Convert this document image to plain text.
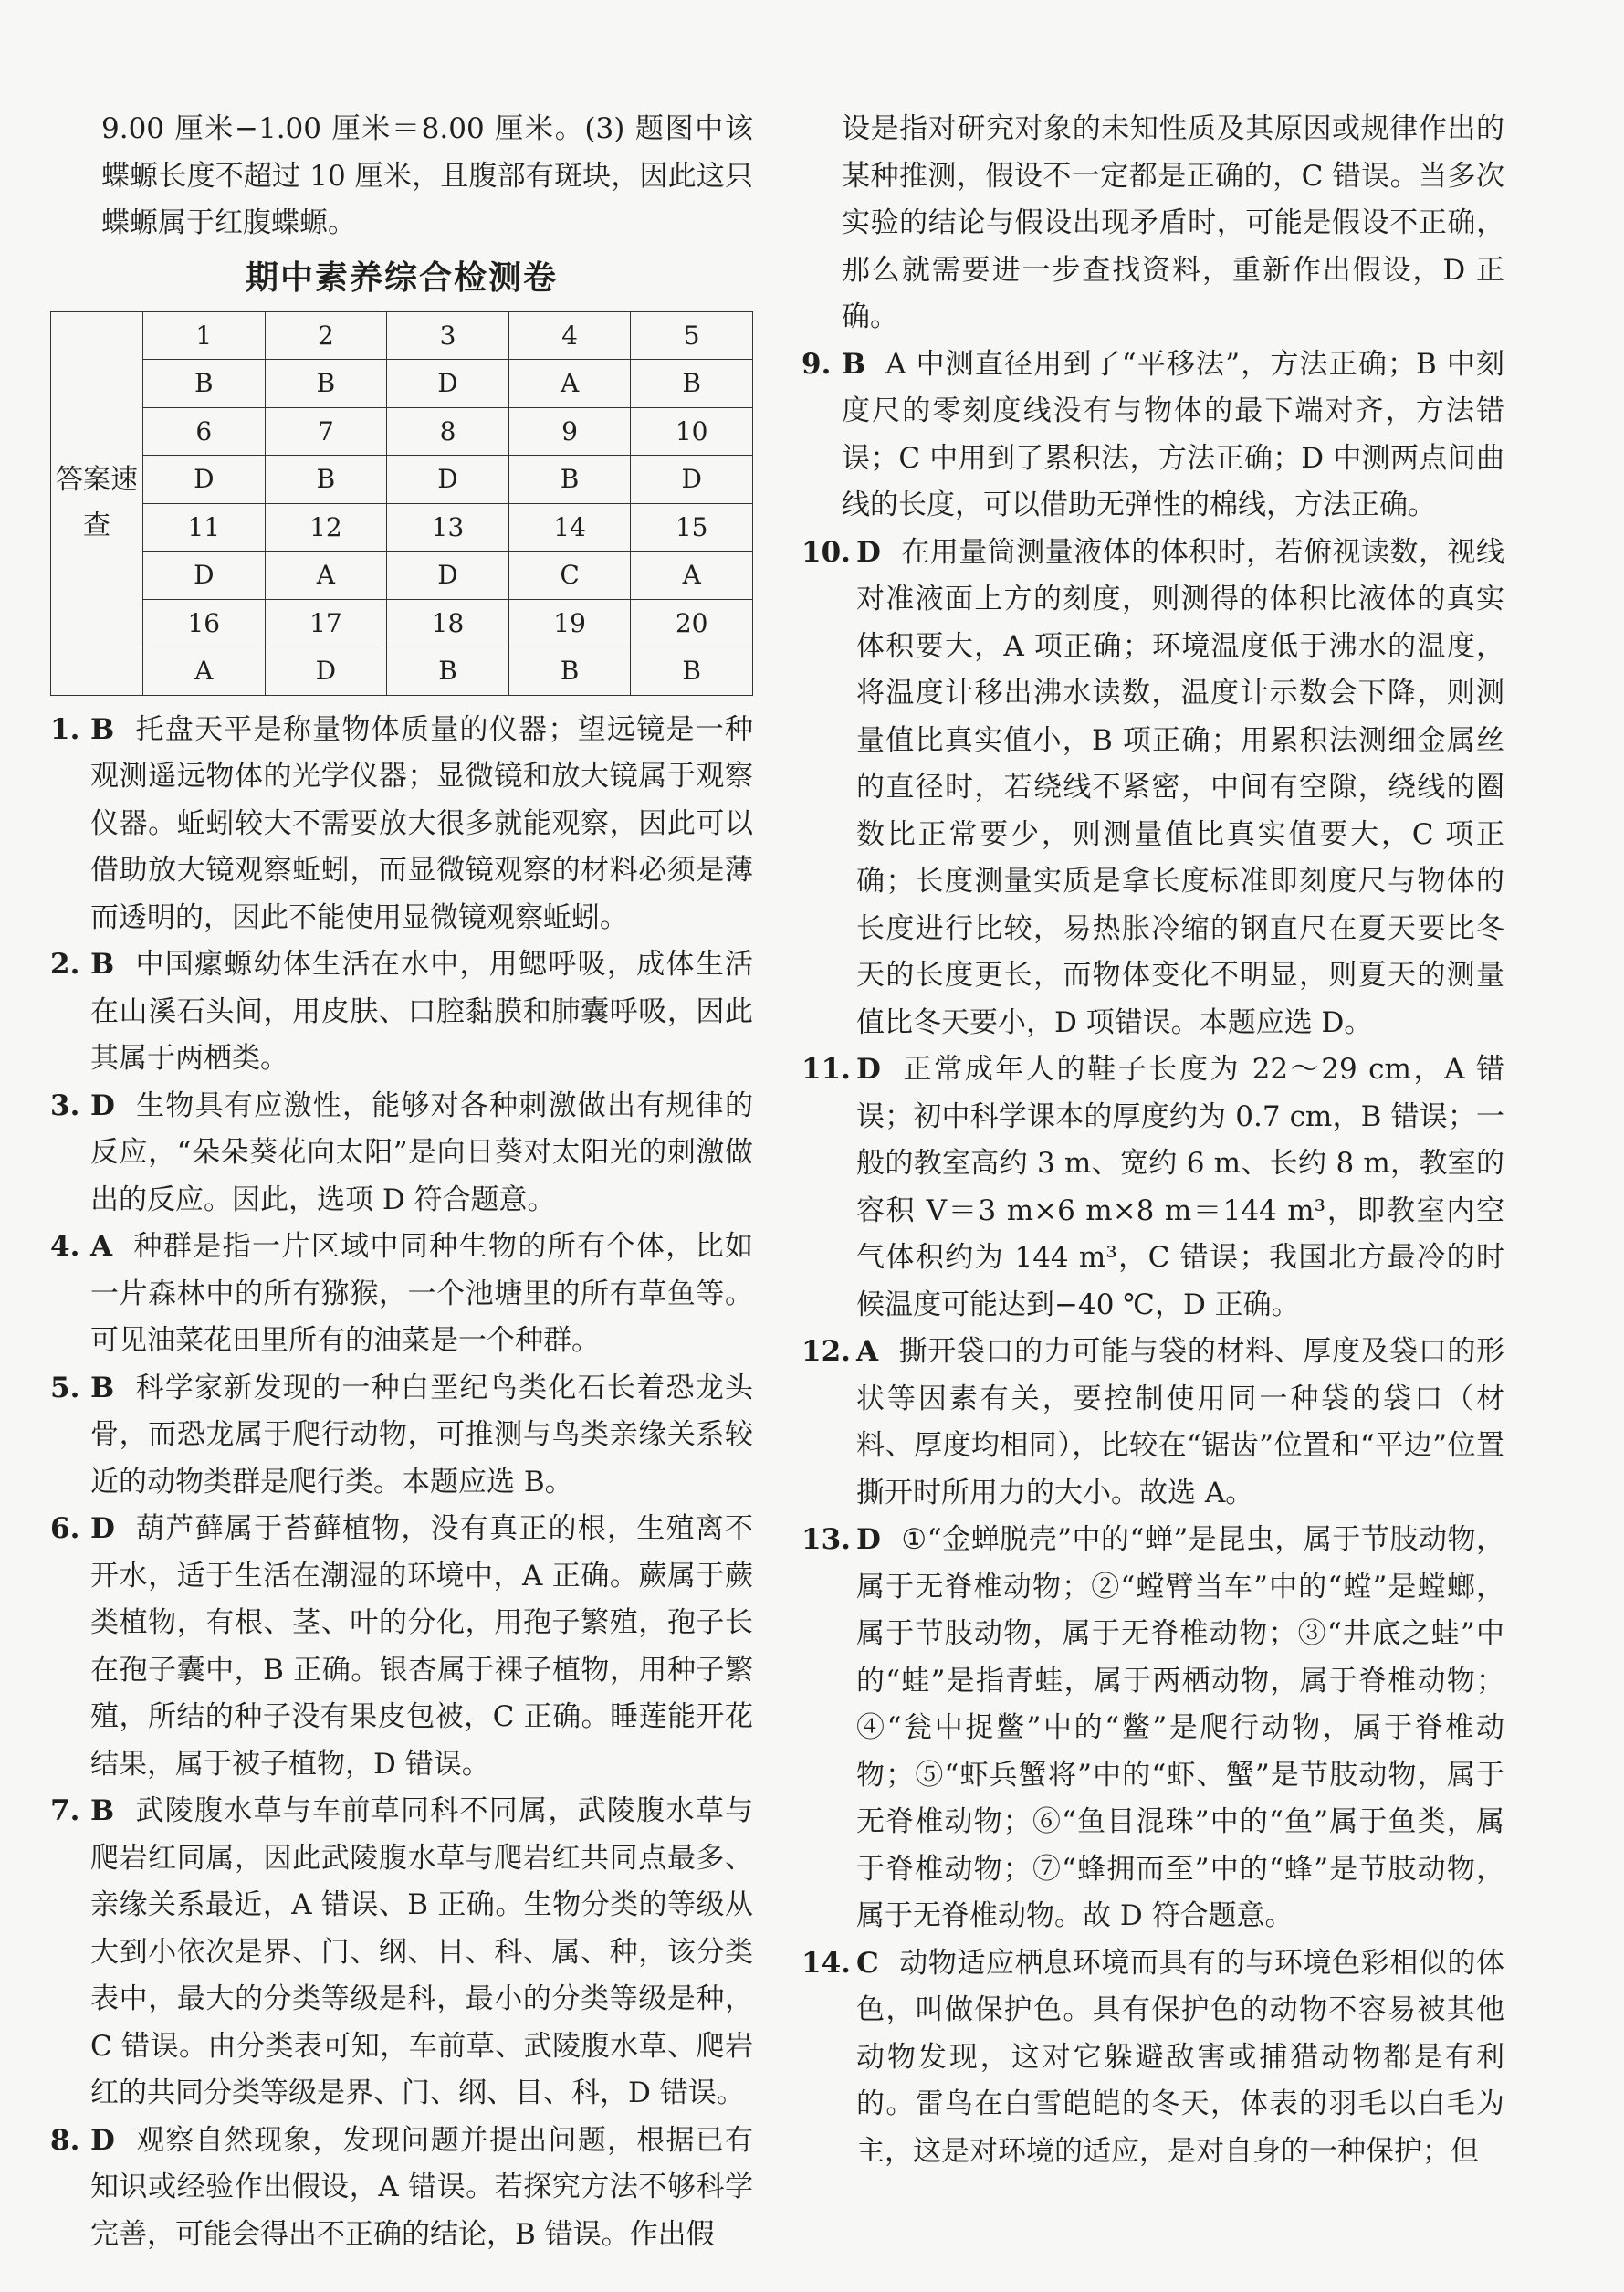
9.00 厘米−1.00 厘米＝8.00 厘米。(3) 题图中该蝶螈长度不超过 10 厘米，且腹部有斑块，因此这只蝶螈属于红腹蝶螈。
期中素养综合检测卷
答案速查	1	2	3	4	5
	B	B	D	A	B
	6	7	8	9	10
	D	B	D	B	D
	11	12	13	14	15
	D	A	D	C	A
	16	17	18	19	20
	A	D	B	B	B
1. B 托盘天平是称量物体质量的仪器；望远镜是一种观测遥远物体的光学仪器；显微镜和放大镜属于观察仪器。蚯蚓较大不需要放大很多就能观察，因此可以借助放大镜观察蚯蚓，而显微镜观察的材料必须是薄而透明的，因此不能使用显微镜观察蚯蚓。
2. B 中国瘰螈幼体生活在水中，用鳃呼吸，成体生活在山溪石头间，用皮肤、口腔黏膜和肺囊呼吸，因此其属于两栖类。
3. D 生物具有应激性，能够对各种刺激做出有规律的反应，“朵朵葵花向太阳”是向日葵对太阳光的刺激做出的反应。因此，选项 D 符合题意。
4. A 种群是指一片区域中同种生物的所有个体，比如一片森林中的所有猕猴，一个池塘里的所有草鱼等。可见油菜花田里所有的油菜是一个种群。
5. B 科学家新发现的一种白垩纪鸟类化石长着恐龙头骨，而恐龙属于爬行动物，可推测与鸟类亲缘关系较近的动物类群是爬行类。本题应选 B。
6. D 葫芦藓属于苔藓植物，没有真正的根，生殖离不开水，适于生活在潮湿的环境中，A 正确。蕨属于蕨类植物，有根、茎、叶的分化，用孢子繁殖，孢子长在孢子囊中，B 正确。银杏属于裸子植物，用种子繁殖，所结的种子没有果皮包被，C 正确。睡莲能开花结果，属于被子植物，D 错误。
7. B 武陵腹水草与车前草同科不同属，武陵腹水草与爬岩红同属，因此武陵腹水草与爬岩红共同点最多、亲缘关系最近，A 错误、B 正确。生物分类的等级从大到小依次是界、门、纲、目、科、属、种，该分类表中，最大的分类等级是科，最小的分类等级是种，C 错误。由分类表可知，车前草、武陵腹水草、爬岩红的共同分类等级是界、门、纲、目、科，D 错误。
8. D 观察自然现象，发现问题并提出问题，根据已有知识或经验作出假设，A 错误。若探究方法不够科学完善，可能会得出不正确的结论，B 错误。作出假
设是指对研究对象的未知性质及其原因或规律作出的某种推测，假设不一定都是正确的，C 错误。当多次实验的结论与假设出现矛盾时，可能是假设不正确，那么就需要进一步查找资料，重新作出假设，D 正确。
9. B A 中测直径用到了“平移法”，方法正确；B 中刻度尺的零刻度线没有与物体的最下端对齐，方法错误；C 中用到了累积法，方法正确；D 中测两点间曲线的长度，可以借助无弹性的棉线，方法正确。
10. D 在用量筒测量液体的体积时，若俯视读数，视线对准液面上方的刻度，则测得的体积比液体的真实体积要大，A 项正确；环境温度低于沸水的温度，将温度计移出沸水读数，温度计示数会下降，则测量值比真实值小，B 项正确；用累积法测细金属丝的直径时，若绕线不紧密，中间有空隙，绕线的圈数比正常要少，则测量值比真实值要大，C 项正确；长度测量实质是拿长度标准即刻度尺与物体的长度进行比较，易热胀冷缩的钢直尺在夏天要比冬天的长度更长，而物体变化不明显，则夏天的测量值比冬天要小，D 项错误。本题应选 D。
11. D 正常成年人的鞋子长度为 22～29 cm，A 错误；初中科学课本的厚度约为 0.7 cm，B 错误；一般的教室高约 3 m、宽约 6 m、长约 8 m，教室的容积 V＝3 m×6 m×8 m＝144 m³，即教室内空气体积约为 144 m³，C 错误；我国北方最冷的时候温度可能达到−40 ℃，D 正确。
12. A 撕开袋口的力可能与袋的材料、厚度及袋口的形状等因素有关，要控制使用同一种袋的袋口（材料、厚度均相同），比较在“锯齿”位置和“平边”位置撕开时所用力的大小。故选 A。
13. D ①“金蝉脱壳”中的“蝉”是昆虫，属于节肢动物，属于无脊椎动物；②“螳臂当车”中的“螳”是螳螂，属于节肢动物，属于无脊椎动物；③“井底之蛙”中的“蛙”是指青蛙，属于两栖动物，属于脊椎动物；④“瓮中捉鳖”中的“鳖”是爬行动物，属于脊椎动物；⑤“虾兵蟹将”中的“虾、蟹”是节肢动物，属于无脊椎动物；⑥“鱼目混珠”中的“鱼”属于鱼类，属于脊椎动物；⑦“蜂拥而至”中的“蜂”是节肢动物，属于无脊椎动物。故 D 符合题意。
14. C 动物适应栖息环境而具有的与环境色彩相似的体色，叫做保护色。具有保护色的动物不容易被其他动物发现，这对它躲避敌害或捕猎动物都是有利的。雷鸟在白雪皑皑的冬天，体表的羽毛以白毛为主，这是对环境的适应，是对自身的一种保护；但
